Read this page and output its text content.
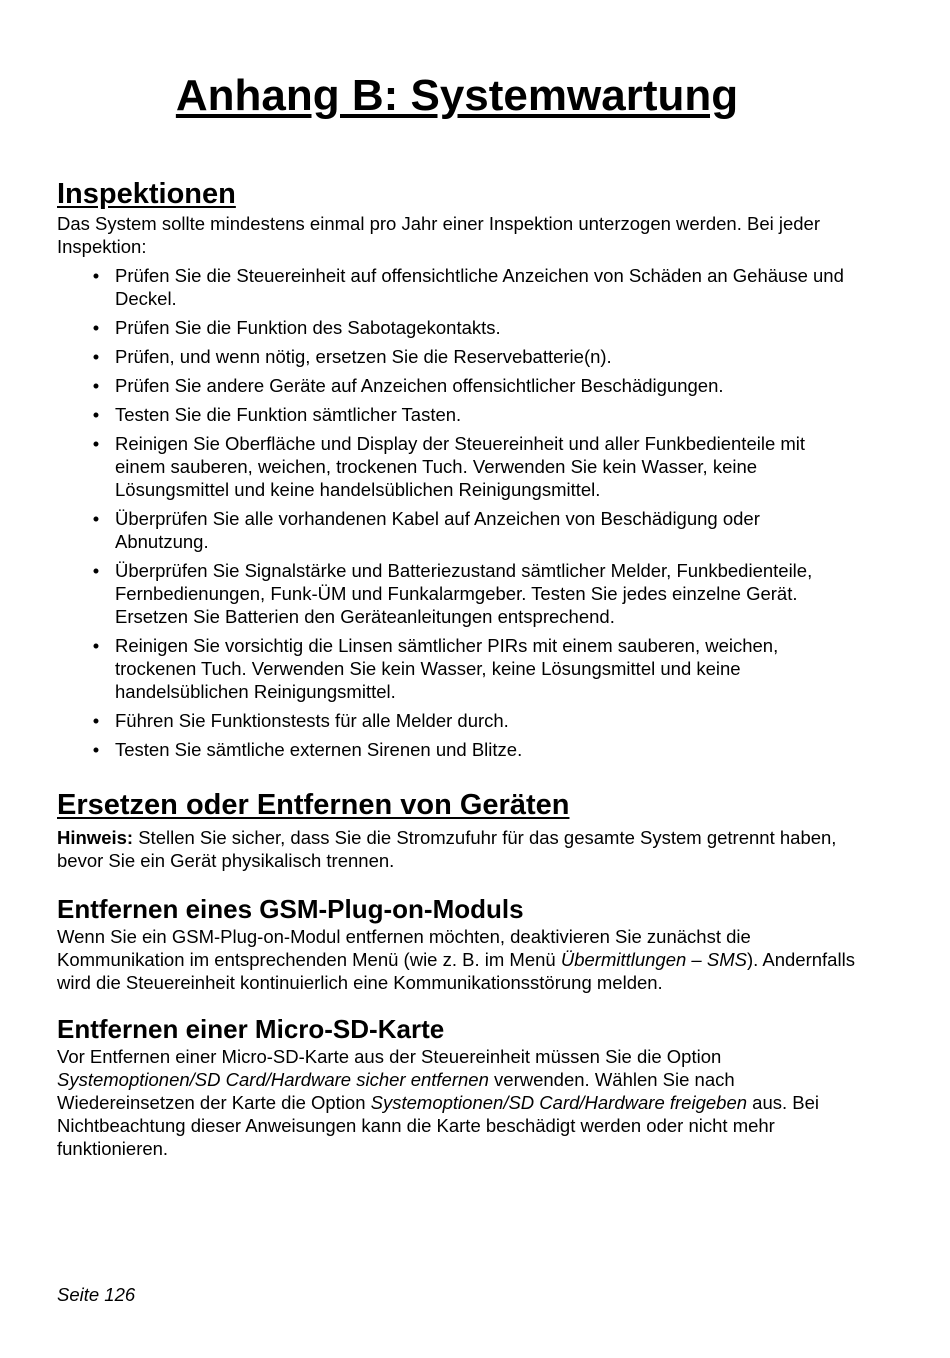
Anhang B: Systemwartung
Inspektionen

Das System sollte mindestens einmal pro Jahr einer Inspektion unterzogen werden. Bei jeder Inspektion:

• Prüfen Sie die Steuereinheit auf offensichtliche Anzeichen von Schäden an Gehäuse und Deckel.
• Prüfen Sie die Funktion des Sabotagekontakts.
• Prüfen, und wenn nötig, ersetzen Sie die Reservebatterie(n).
• Prüfen Sie andere Geräte auf Anzeichen offensichtlicher Beschädigungen.
• Testen Sie die Funktion sämtlicher Tasten.
• Reinigen Sie Oberfläche und Display der Steuereinheit und aller Funkbedienteile mit einem sauberen, weichen, trockenen Tuch. Verwenden Sie kein Wasser, keine Lösungsmittel und keine handelsüblichen Reinigungsmittel.
• Überprüfen Sie alle vorhandenen Kabel auf Anzeichen von Beschädigung oder Abnutzung.
• Überprüfen Sie Signalstärke und Batteriezustand sämtlicher Melder, Funkbedienteile, Fernbedienungen, Funk-ÜM und Funkalarmgeber. Testen Sie jedes einzelne Gerät. Ersetzen Sie Batterien den Geräteanleitungen entsprechend.
• Reinigen Sie vorsichtig die Linsen sämtlicher PIRs mit einem sauberen, weichen, trockenen Tuch. Verwenden Sie kein Wasser, keine Lösungsmittel und keine handelsüblichen Reinigungsmittel.
• Führen Sie Funktionstests für alle Melder durch.
• Testen Sie sämtliche externen Sirenen und Blitze.
Ersetzen oder Entfernen von Geräten

Hinweis: Stellen Sie sicher, dass Sie die Stromzufuhr für das gesamte System getrennt haben, bevor Sie ein Gerät physikalisch trennen.

Entfernen eines GSM-Plug-on-Moduls

Wenn Sie ein GSM-Plug-on-Modul entfernen möchten, deaktivieren Sie zunächst die Kommunikation im entsprechenden Menü (wie z. B. im Menü Übermittlungen – SMS). Andernfalls wird die Steuereinheit kontinuierlich eine Kommunikationsstörung melden.

Entfernen einer Micro-SD-Karte

Vor Entfernen einer Micro-SD-Karte aus der Steuereinheit müssen Sie die Option Systemoptionen/SD Card/Hardware sicher entfernen verwenden. Wählen Sie nach Wiedereinsetzen der Karte die Option Systemoptionen/SD Card/Hardware freigeben aus. Bei Nichtbeachtung dieser Anweisungen kann die Karte beschädigt werden oder nicht mehr funktionieren.

Seite 126
